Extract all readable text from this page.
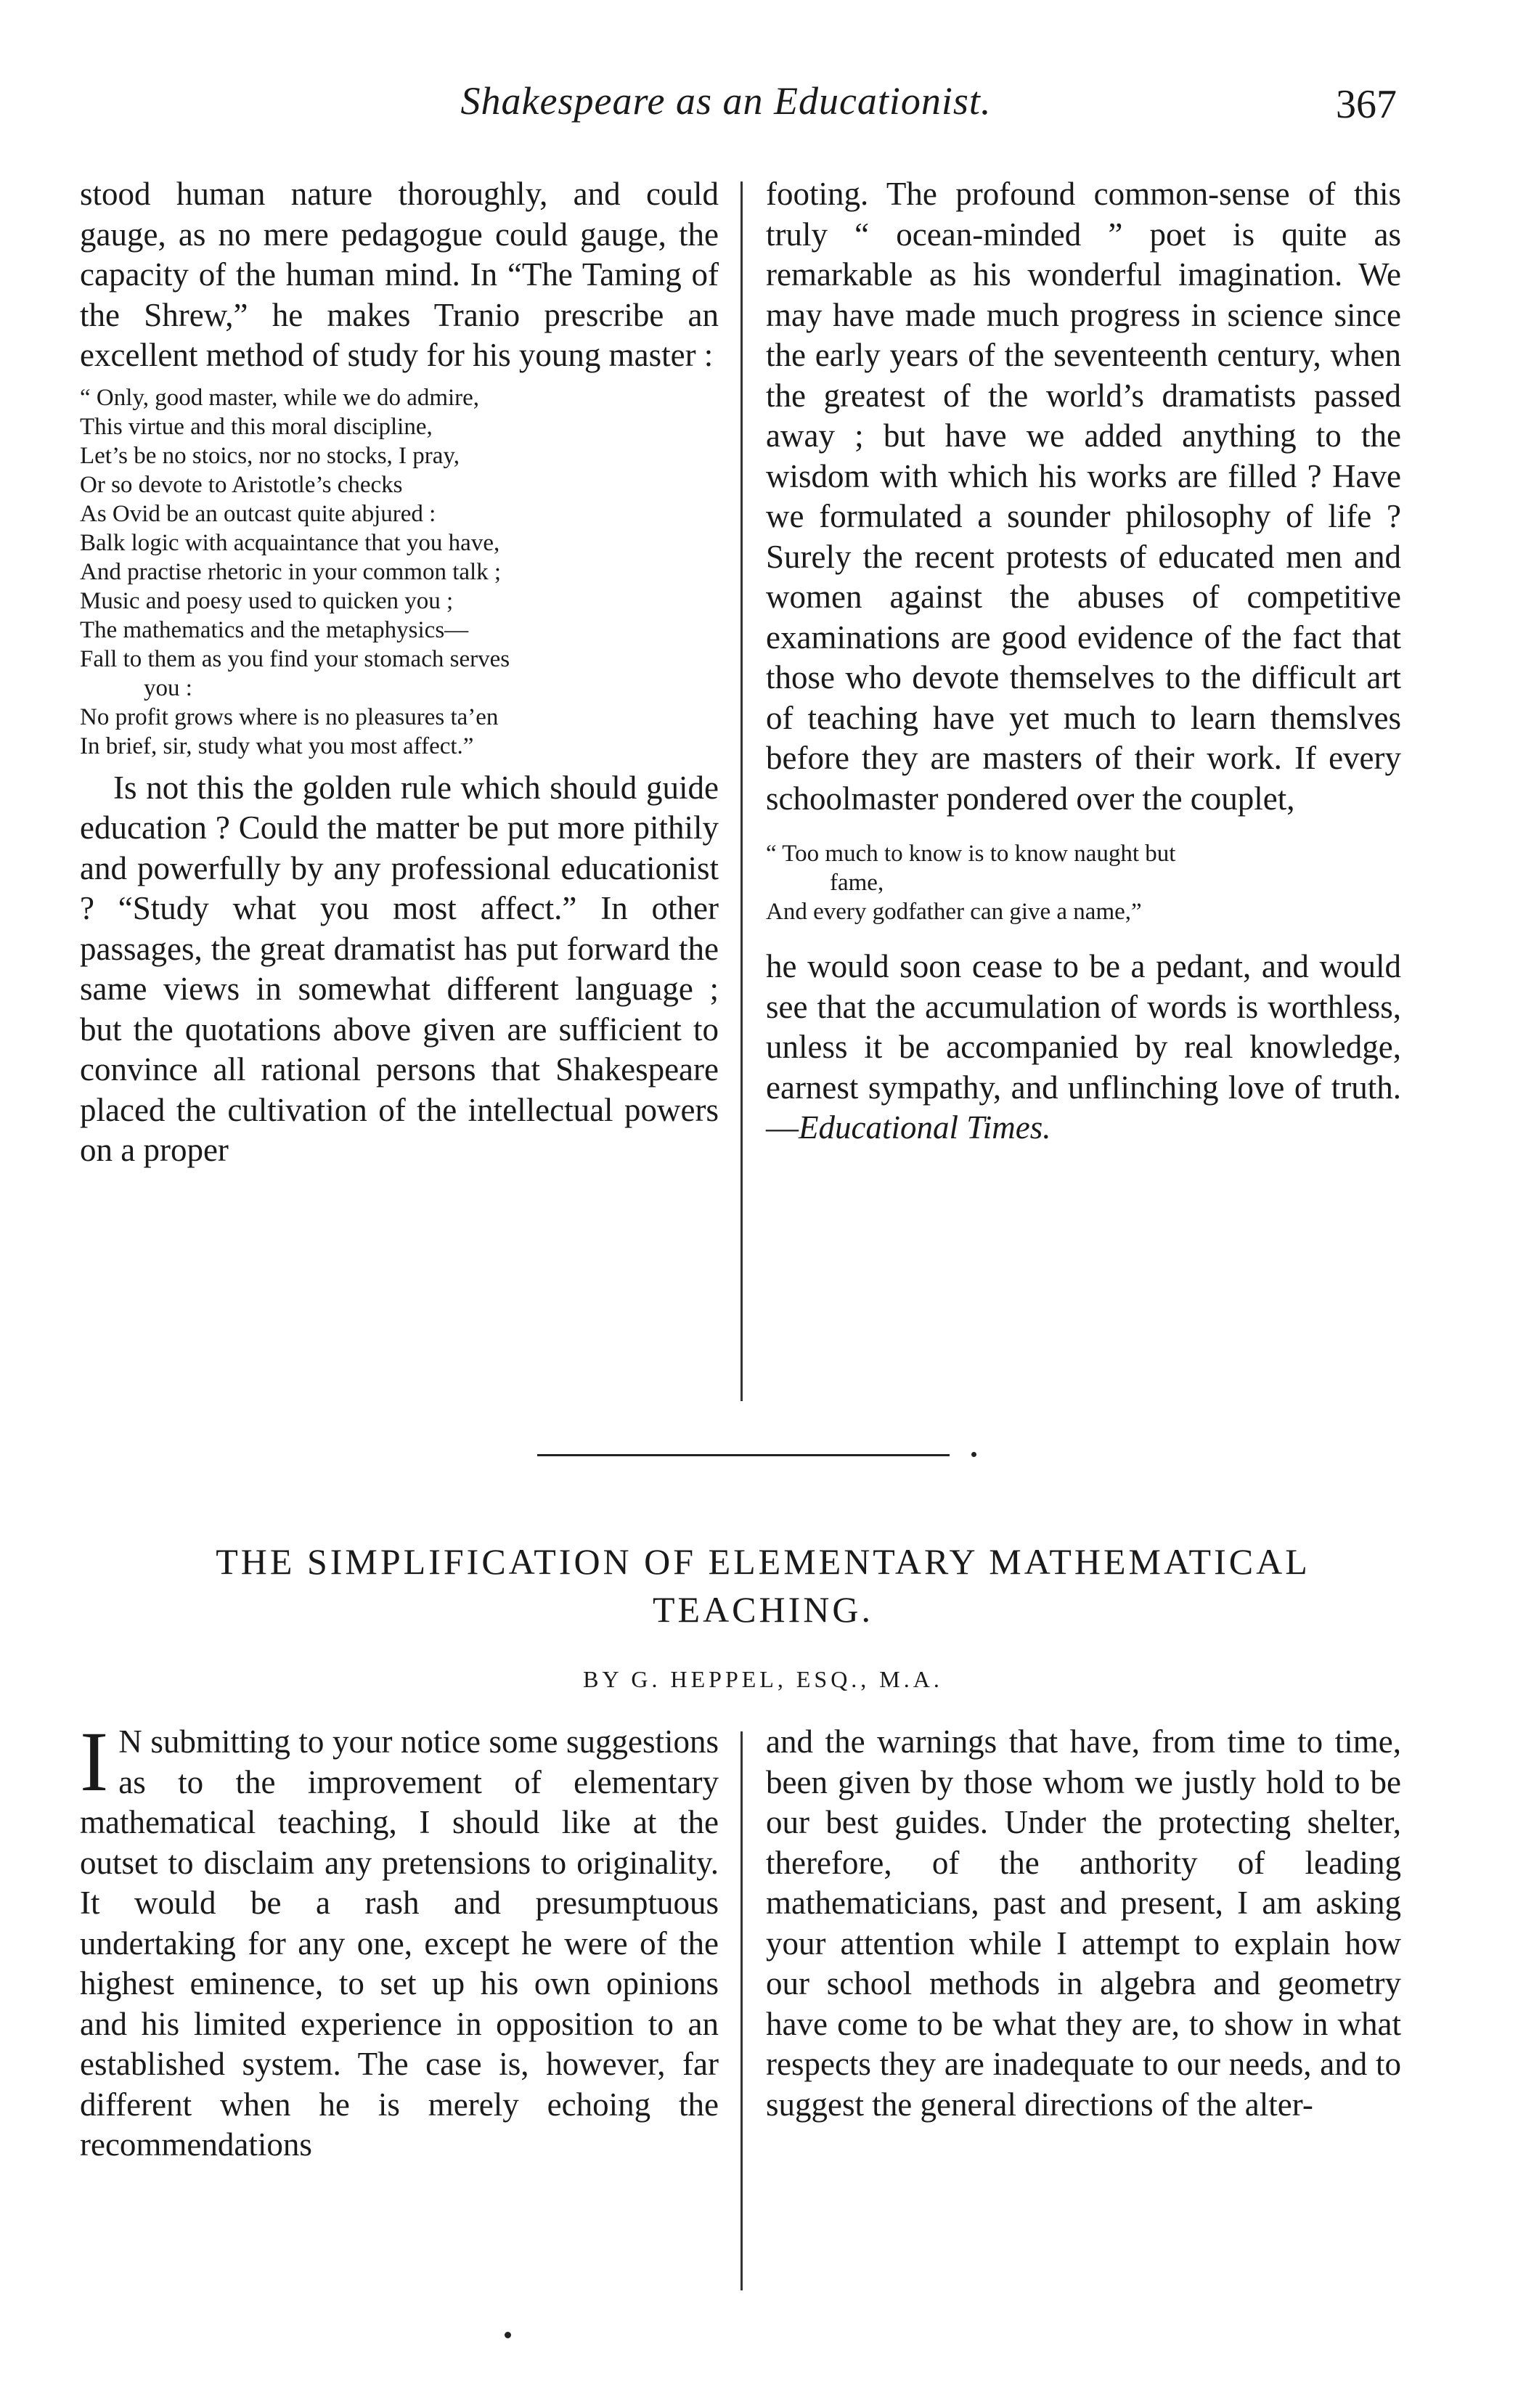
Shakespeare as an Educationist.	367

stood human nature thoroughly, and could gauge, as no mere pedagogue could gauge, the capacity of the human mind. In “The Taming of the Shrew,” he makes Tranio prescribe an excellent method of study for his young master :

“ Only, good master, while we do admire,
This virtue and this moral discipline,
Let’s be no stoics, nor no stocks, I pray,
Or so devote to Aristotle’s checks
As Ovid be an outcast quite abjured :
Balk logic with acquaintance that you have,
And practise rhetoric in your common talk ;
Music and poesy used to quicken you ;
The mathematics and the metaphysics—
Fall to them as you find your stomach serves
you :
No profit grows where is no pleasures ta’en
In brief, sir, study what you most affect.”

Is not this the golden rule which should guide education ? Could the matter be put more pithily and powerfully by any professional educationist ? “Study what you most affect.” In other passages, the great dramatist has put forward the same views in somewhat different language ; but the quotations above given are sufficient to convince all rational persons that Shakespeare placed the cultivation of the intellectual powers on a proper

footing. The profound common-sense of this truly “ ocean-minded ” poet is quite as remarkable as his wonderful imagination. We may have made much progress in science since the early years of the seventeenth century, when the greatest of the world’s dramatists passed away ; but have we added anything to the wisdom with which his works are filled ? Have we formulated a sounder philosophy of life ? Surely the recent protests of educated men and women against the abuses of competitive examinations are good evidence of the fact that those who devote themselves to the difficult art of teaching have yet much to learn themslves before they are masters of their work. If every schoolmaster pondered over the couplet,

“ Too much to know is to know naught but
fame,
And every godfather can give a name,”

he would soon cease to be a pedant, and would see that the accumulation of words is worthless, unless it be accompanied by real knowledge, earnest sympathy, and unflinching love of truth.—Educational Times.

THE SIMPLIFICATION OF ELEMENTARY MATHEMATICAL
TEACHING.
BY G. HEPPEL, ESQ., M.A.

I N submitting to your notice some suggestions as to the improvement of elementary mathematical teaching, I should like at the outset to disclaim any pretensions to originality. It would be a rash and presumptuous undertaking for any one, except he were of the highest eminence, to set up his own opinions and his limited experience in opposition to an established system. The case is, however, far different when he is merely echoing the recommendations

and the warnings that have, from time to time, been given by those whom we justly hold to be our best guides. Under the protecting shelter, therefore, of the anthority of leading mathematicians, past and present, I am asking your attention while I attempt to explain how our school methods in algebra and geometry have come to be what they are, to show in what respects they are inadequate to our needs, and to suggest the general directions of the alter-
